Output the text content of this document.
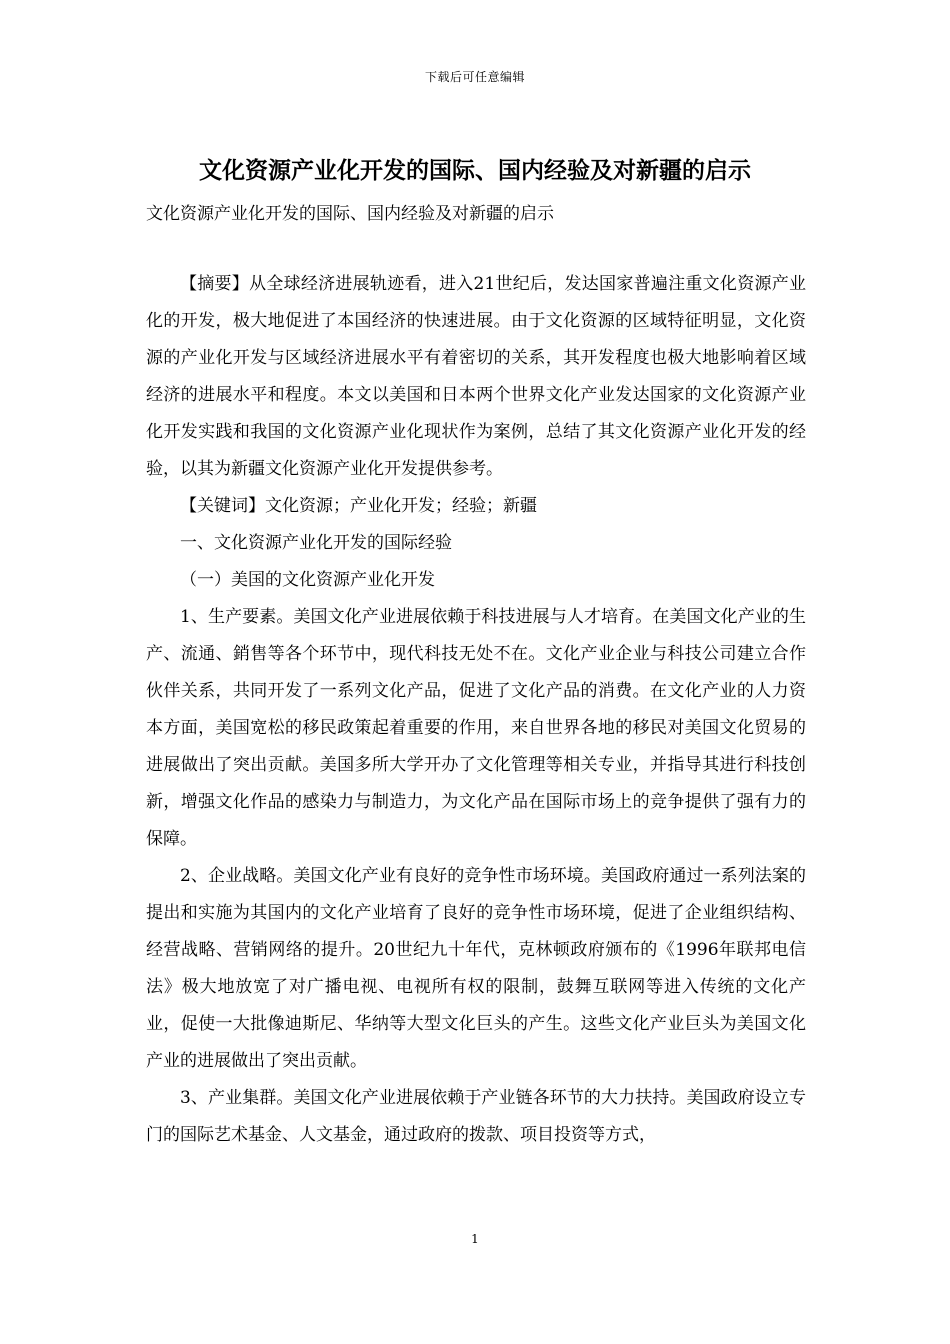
下载后可任意编辑
文化资源产业化开发的国际、国内经验及对新疆的启示

文化资源产业化开发的国际、国内经验及对新疆的启示

【摘要】从全球经济进展轨迹看，进入21世纪后，发达国家普遍注重文化资源产业化的开发，极大地促进了本国经济的快速进展。由于文化资源的区域特征明显，文化资源的产业化开发与区域经济进展水平有着密切的关系，其开发程度也极大地影响着区域经济的进展水平和程度。本文以美国和日本两个世界文化产业发达国家的文化资源产业化开发实践和我国的文化资源产业化现状作为案例，总结了其文化资源产业化开发的经验，以其为新疆文化资源产业化开发提供参考。

【关键词】文化资源；产业化开发；经验；新疆

一、文化资源产业化开发的国际经验

（一）美国的文化资源产业化开发

1、生产要素。美国文化产业进展依赖于科技进展与人才培育。在美国文化产业的生产、流通、銷售等各个环节中，现代科技无处不在。文化产业企业与科技公司建立合作伙伴关系，共同开发了一系列文化产品，促进了文化产品的消费。在文化产业的人力资本方面，美国宽松的移民政策起着重要的作用，来自世界各地的移民对美国文化贸易的进展做出了突出贡献。美国多所大学开办了文化管理等相关专业，并指导其进行科技创新，增强文化作品的感染力与制造力，为文化产品在国际市场上的竞争提供了强有力的保障。

2、企业战略。美国文化产业有良好的竞争性市场环境。美国政府通过一系列法案的提出和实施为其国内的文化产业培育了良好的竞争性市场环境，促进了企业组织结构、经营战略、营销网络的提升。20世纪九十年代，克林顿政府颁布的《1996年联邦电信法》极大地放宽了对广播电视、电视所有权的限制，鼓舞互联网等进入传统的文化产业，促使一大批像迪斯尼、华纳等大型文化巨头的产生。这些文化产业巨头为美国文化产业的进展做出了突出贡献。

3、产业集群。美国文化产业进展依赖于产业链各环节的大力扶持。美国政府设立专门的国际艺术基金、人文基金，通过政府的拨款、项目投资等方式，

1
